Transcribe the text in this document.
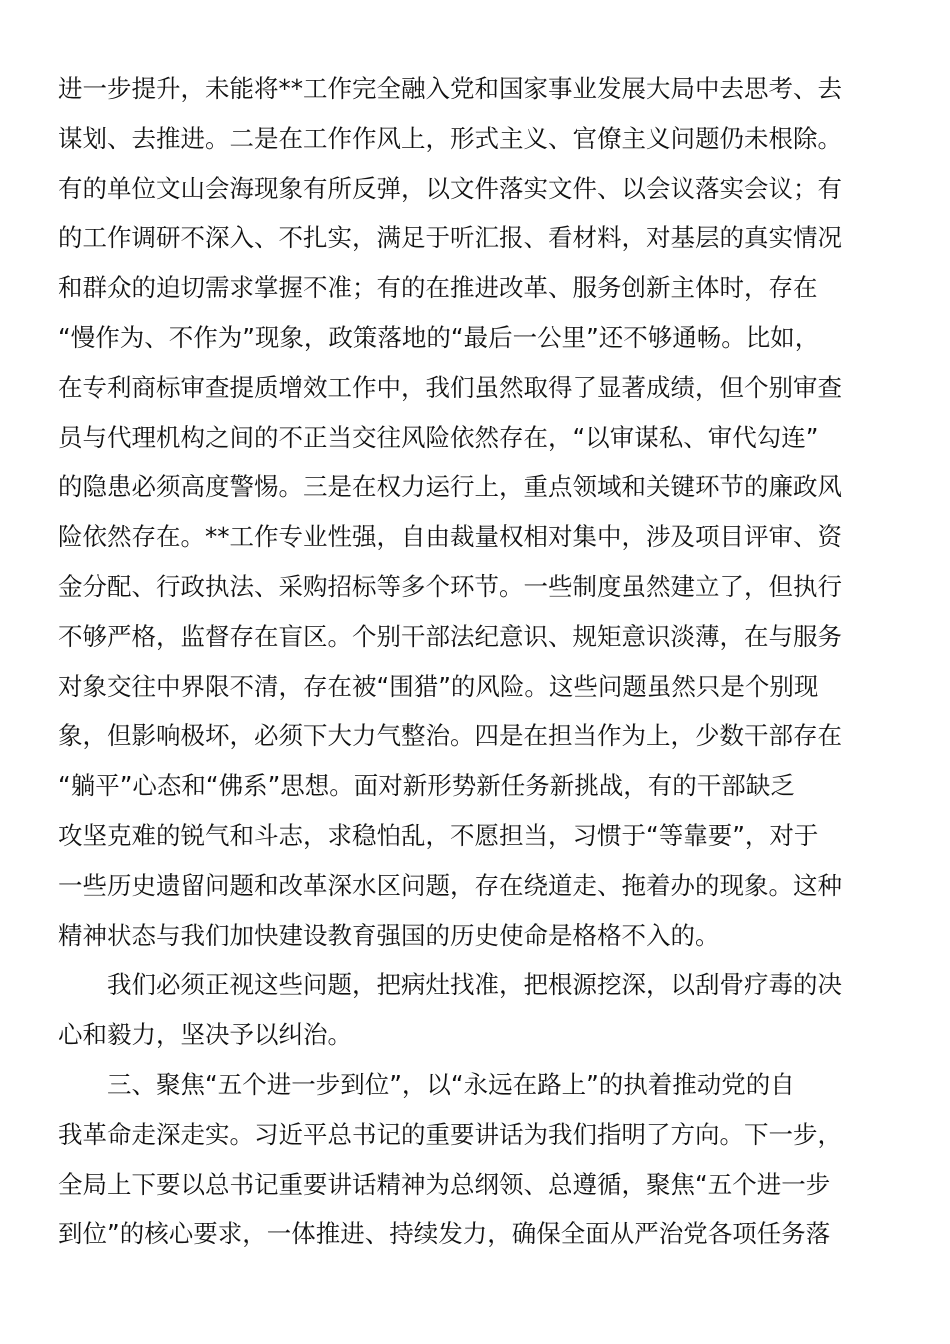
进一步提升，未能将**工作完全融入党和国家事业发展大局中去思考、去
谋划、去推进。二是在工作作风上，形式主义、官僚主义问题仍未根除。
有的单位文山会海现象有所反弹，以文件落实文件、以会议落实会议；有
的工作调研不深入、不扎实，满足于听汇报、看材料，对基层的真实情况
和群众的迫切需求掌握不准；有的在推进改革、服务创新主体时，存在
“慢作为、不作为”现象，政策落地的“最后一公里”还不够通畅。比如，
在专利商标审查提质增效工作中，我们虽然取得了显著成绩，但个别审查
员与代理机构之间的不正当交往风险依然存在，“以审谋私、审代勾连”
的隐患必须高度警惕。三是在权力运行上，重点领域和关键环节的廉政风
险依然存在。**工作专业性强，自由裁量权相对集中，涉及项目评审、资
金分配、行政执法、采购招标等多个环节。一些制度虽然建立了，但执行
不够严格，监督存在盲区。个别干部法纪意识、规矩意识淡薄，在与服务
对象交往中界限不清，存在被“围猎”的风险。这些问题虽然只是个别现
象，但影响极坏，必须下大力气整治。四是在担当作为上，少数干部存在
“躺平”心态和“佛系”思想。面对新形势新任务新挑战，有的干部缺乏
攻坚克难的锐气和斗志，求稳怕乱，不愿担当，习惯于“等靠要”，对于
一些历史遗留问题和改革深水区问题，存在绕道走、拖着办的现象。这种
精神状态与我们加快建设教育强国的历史使命是格格不入的。
我们必须正视这些问题，把病灶找准，把根源挖深，以刮骨疗毒的决
心和毅力，坚决予以纠治。
三、聚焦“五个进一步到位”，以“永远在路上”的执着推动党的自
我革命走深走实。习近平总书记的重要讲话为我们指明了方向。下一步，
全局上下要以总书记重要讲话精神为总纲领、总遵循，聚焦“五个进一步
到位”的核心要求，一体推进、持续发力，确保全面从严治党各项任务落
